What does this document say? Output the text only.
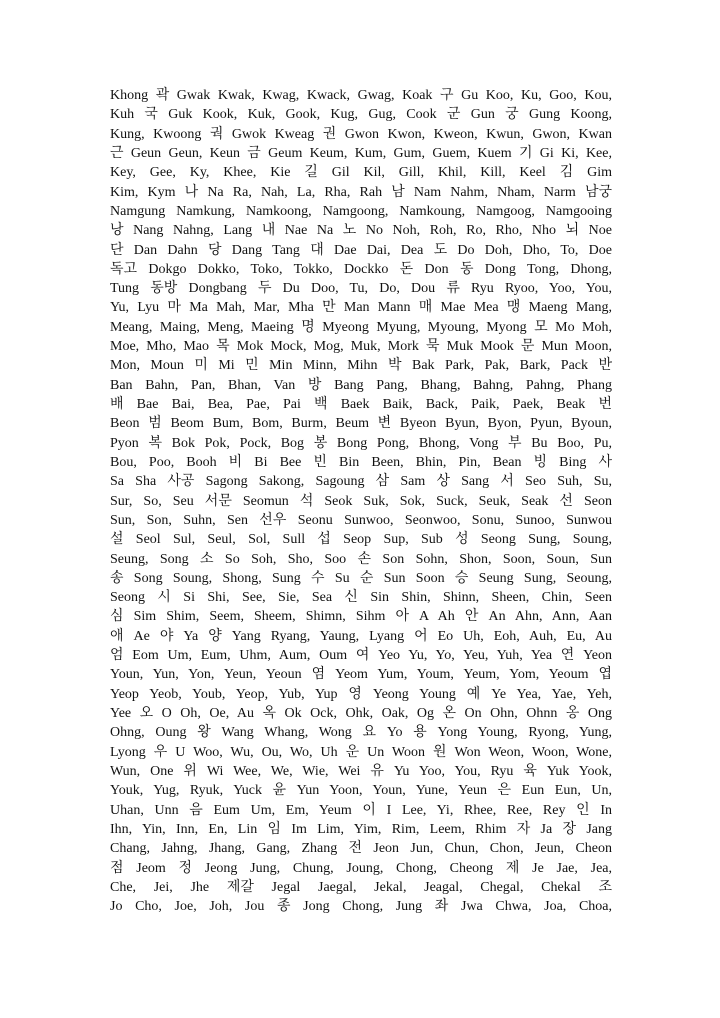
Khong 곽 Gwak Kwak, Kwag, Kwack, Gwag, Koak 구 Gu Koo, Ku, Goo, Kou,
Kuh 국 Guk Kook, Kuk, Gook, Kug, Gug, Cook 군 Gun 궁 Gung Koong,
Kung, Kwoong 궉 Gwok Kweag 권 Gwon Kwon, Kweon, Kwun, Gwon, Kwan
근 Geun Geun, Keun 금 Geum Keum, Kum, Gum, Guem, Kuem 기 Gi Ki, Kee,
Key, Gee, Ky, Khee, Kie 길 Gil Kil, Gill, Khil, Kill, Keel 김 Gim
Kim, Kym 나 Na Ra, Nah, La, Rha, Rah 남 Nam Nahm, Nham, Narm 남궁
Namgung Namkung, Namkoong, Namgoong, Namkoung, Namgoog, Namgooing
낭 Nang Nahng, Lang 내 Nae Na 노 No Noh, Roh, Ro, Rho, Nho 뇌 Noe
단 Dan Dahn 당 Dang Tang 대 Dae Dai, Dea 도 Do Doh, Dho, To, Doe
독고 Dokgo Dokko, Toko, Tokko, Dockko 돈 Don 동 Dong Tong, Dhong,
Tung 동방 Dongbang 두 Du Doo, Tu, Do, Dou 류 Ryu Ryoo, Yoo, You,
Yu, Lyu 마 Ma Mah, Mar, Mha 만 Man Mann 매 Mae Mea 맹 Maeng Mang,
Meang, Maing, Meng, Maeing 명 Myeong Myung, Myoung, Myong 모 Mo Moh,
Moe, Mho, Mao 목 Mok Mock, Mog, Muk, Mork 묵 Muk Mook 문 Mun Moon,
Mon, Moun 미 Mi 민 Min Minn, Mihn 박 Bak Park, Pak, Bark, Pack 반
Ban Bahn, Pan, Bhan, Van 방 Bang Pang, Bhang, Bahng, Pahng, Phang
배 Bae Bai, Bea, Pae, Pai 백 Baek Baik, Back, Paik, Paek, Beak 번
Beon 범 Beom Bum, Bom, Burm, Beum 변 Byeon Byun, Byon, Pyun, Byoun,
Pyon 복 Bok Pok, Pock, Bog 봉 Bong Pong, Bhong, Vong 부 Bu Boo, Pu,
Bou, Poo, Booh 비 Bi Bee 빈 Bin Been, Bhin, Pin, Bean 빙 Bing 사
Sa Sha 사공 Sagong Sakong, Sagoung 삼 Sam 상 Sang 서 Seo Suh, Su,
Sur, So, Seu 서문 Seomun 석 Seok Suk, Sok, Suck, Seuk, Seak 선 Seon
Sun, Son, Suhn, Sen 선우 Seonu Sunwoo, Seonwoo, Sonu, Sunoo, Sunwou
설 Seol Sul, Seul, Sol, Sull 섭 Seop Sup, Sub 성 Seong Sung, Soung,
Seung, Song 소 So Soh, Sho, Soo 손 Son Sohn, Shon, Soon, Soun, Sun
송 Song Soung, Shong, Sung 수 Su 순 Sun Soon 승 Seung Sung, Seoung,
Seong 시 Si Shi, See, Sie, Sea 신 Sin Shin, Shinn, Sheen, Chin, Seen
심 Sim Shim, Seem, Sheem, Shimn, Sihm 아 A Ah 안 An Ahn, Ann, Aan
애 Ae 야 Ya 양 Yang Ryang, Yaung, Lyang 어 Eo Uh, Eoh, Auh, Eu, Au
엄 Eom Um, Eum, Uhm, Aum, Oum 여 Yeo Yu, Yo, Yeu, Yuh, Yea 연 Yeon
Youn, Yun, Yon, Yeun, Yeoun 염 Yeom Yum, Youm, Yeum, Yom, Yeoum 엽
Yeop Yeob, Youb, Yeop, Yub, Yup 영 Yeong Young 예 Ye Yea, Yae, Yeh,
Yee 오 O Oh, Oe, Au 옥 Ok Ock, Ohk, Oak, Og 온 On Ohn, Ohnn 옹 Ong
Ohng, Oung 왕 Wang Whang, Wong 요 Yo 용 Yong Young, Ryong, Yung,
Lyong 우 U Woo, Wu, Ou, Wo, Uh 운 Un Woon 원 Won Weon, Woon, Wone,
Wun, One 위 Wi Wee, We, Wie, Wei 유 Yu Yoo, You, Ryu 육 Yuk Yook,
Youk, Yug, Ryuk, Yuck 윤 Yun Yoon, Youn, Yune, Yeun 은 Eun Eun, Un,
Uhan, Unn 음 Eum Um, Em, Yeum 이 I Lee, Yi, Rhee, Ree, Rey 인 In
Ihn, Yin, Inn, En, Lin 임 Im Lim, Yim, Rim, Leem, Rhim 자 Ja 장 Jang
Chang, Jahng, Jhang, Gang, Zhang 전 Jeon Jun, Chun, Chon, Jeun, Cheon
점 Jeom 정 Jeong Jung, Chung, Joung, Chong, Cheong 제 Je Jae, Jea,
Che, Jei, Jhe 제갈 Jegal Jaegal, Jekal, Jeagal, Chegal, Chekal 조
Jo Cho, Joe, Joh, Jou 종 Jong Chong, Jung 좌 Jwa Chwa, Joa, Choa,
